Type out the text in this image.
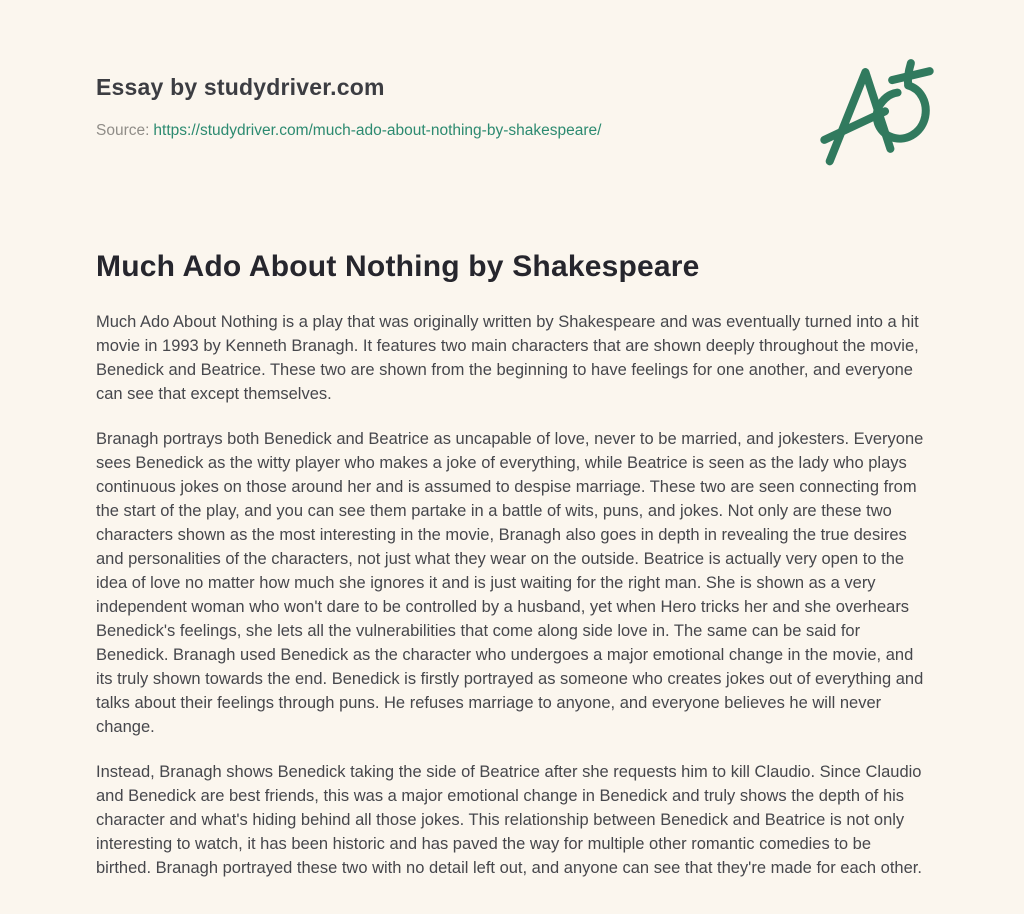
Essay by studydriver.com
Source: https://studydriver.com/much-ado-about-nothing-by-shakespeare/
Much Ado About Nothing by Shakespeare

Much Ado About Nothing is a play that was originally written by Shakespeare and was eventually turned into a hit movie in 1993 by Kenneth Branagh. It features two main characters that are shown deeply throughout the movie, Benedick and Beatrice. These two are shown from the beginning to have feelings for one another, and everyone can see that except themselves.

Branagh portrays both Benedick and Beatrice as uncapable of love, never to be married, and jokesters. Everyone sees Benedick as the witty player who makes a joke of everything, while Beatrice is seen as the lady who plays continuous jokes on those around her and is assumed to despise marriage. These two are seen connecting from the start of the play, and you can see them partake in a battle of wits, puns, and jokes. Not only are these two characters shown as the most interesting in the movie, Branagh also goes in depth in revealing the true desires and personalities of the characters, not just what they wear on the outside. Beatrice is actually very open to the idea of love no matter how much she ignores it and is just waiting for the right man. She is shown as a very independent woman who won't dare to be controlled by a husband, yet when Hero tricks her and she overhears Benedick's feelings, she lets all the vulnerabilities that come along side love in. The same can be said for Benedick. Branagh used Benedick as the character who undergoes a major emotional change in the movie, and its truly shown towards the end. Benedick is firstly portrayed as someone who creates jokes out of everything and talks about their feelings through puns. He refuses marriage to anyone, and everyone believes he will never change.

Instead, Branagh shows Benedick taking the side of Beatrice after she requests him to kill Claudio. Since Claudio and Benedick are best friends, this was a major emotional change in Benedick and truly shows the depth of his character and what's hiding behind all those jokes. This relationship between Benedick and Beatrice is not only interesting to watch, it has been historic and has paved the way for multiple other romantic comedies to be birthed. Branagh portrayed these two with no detail left out, and anyone can see that they're made for each other.
